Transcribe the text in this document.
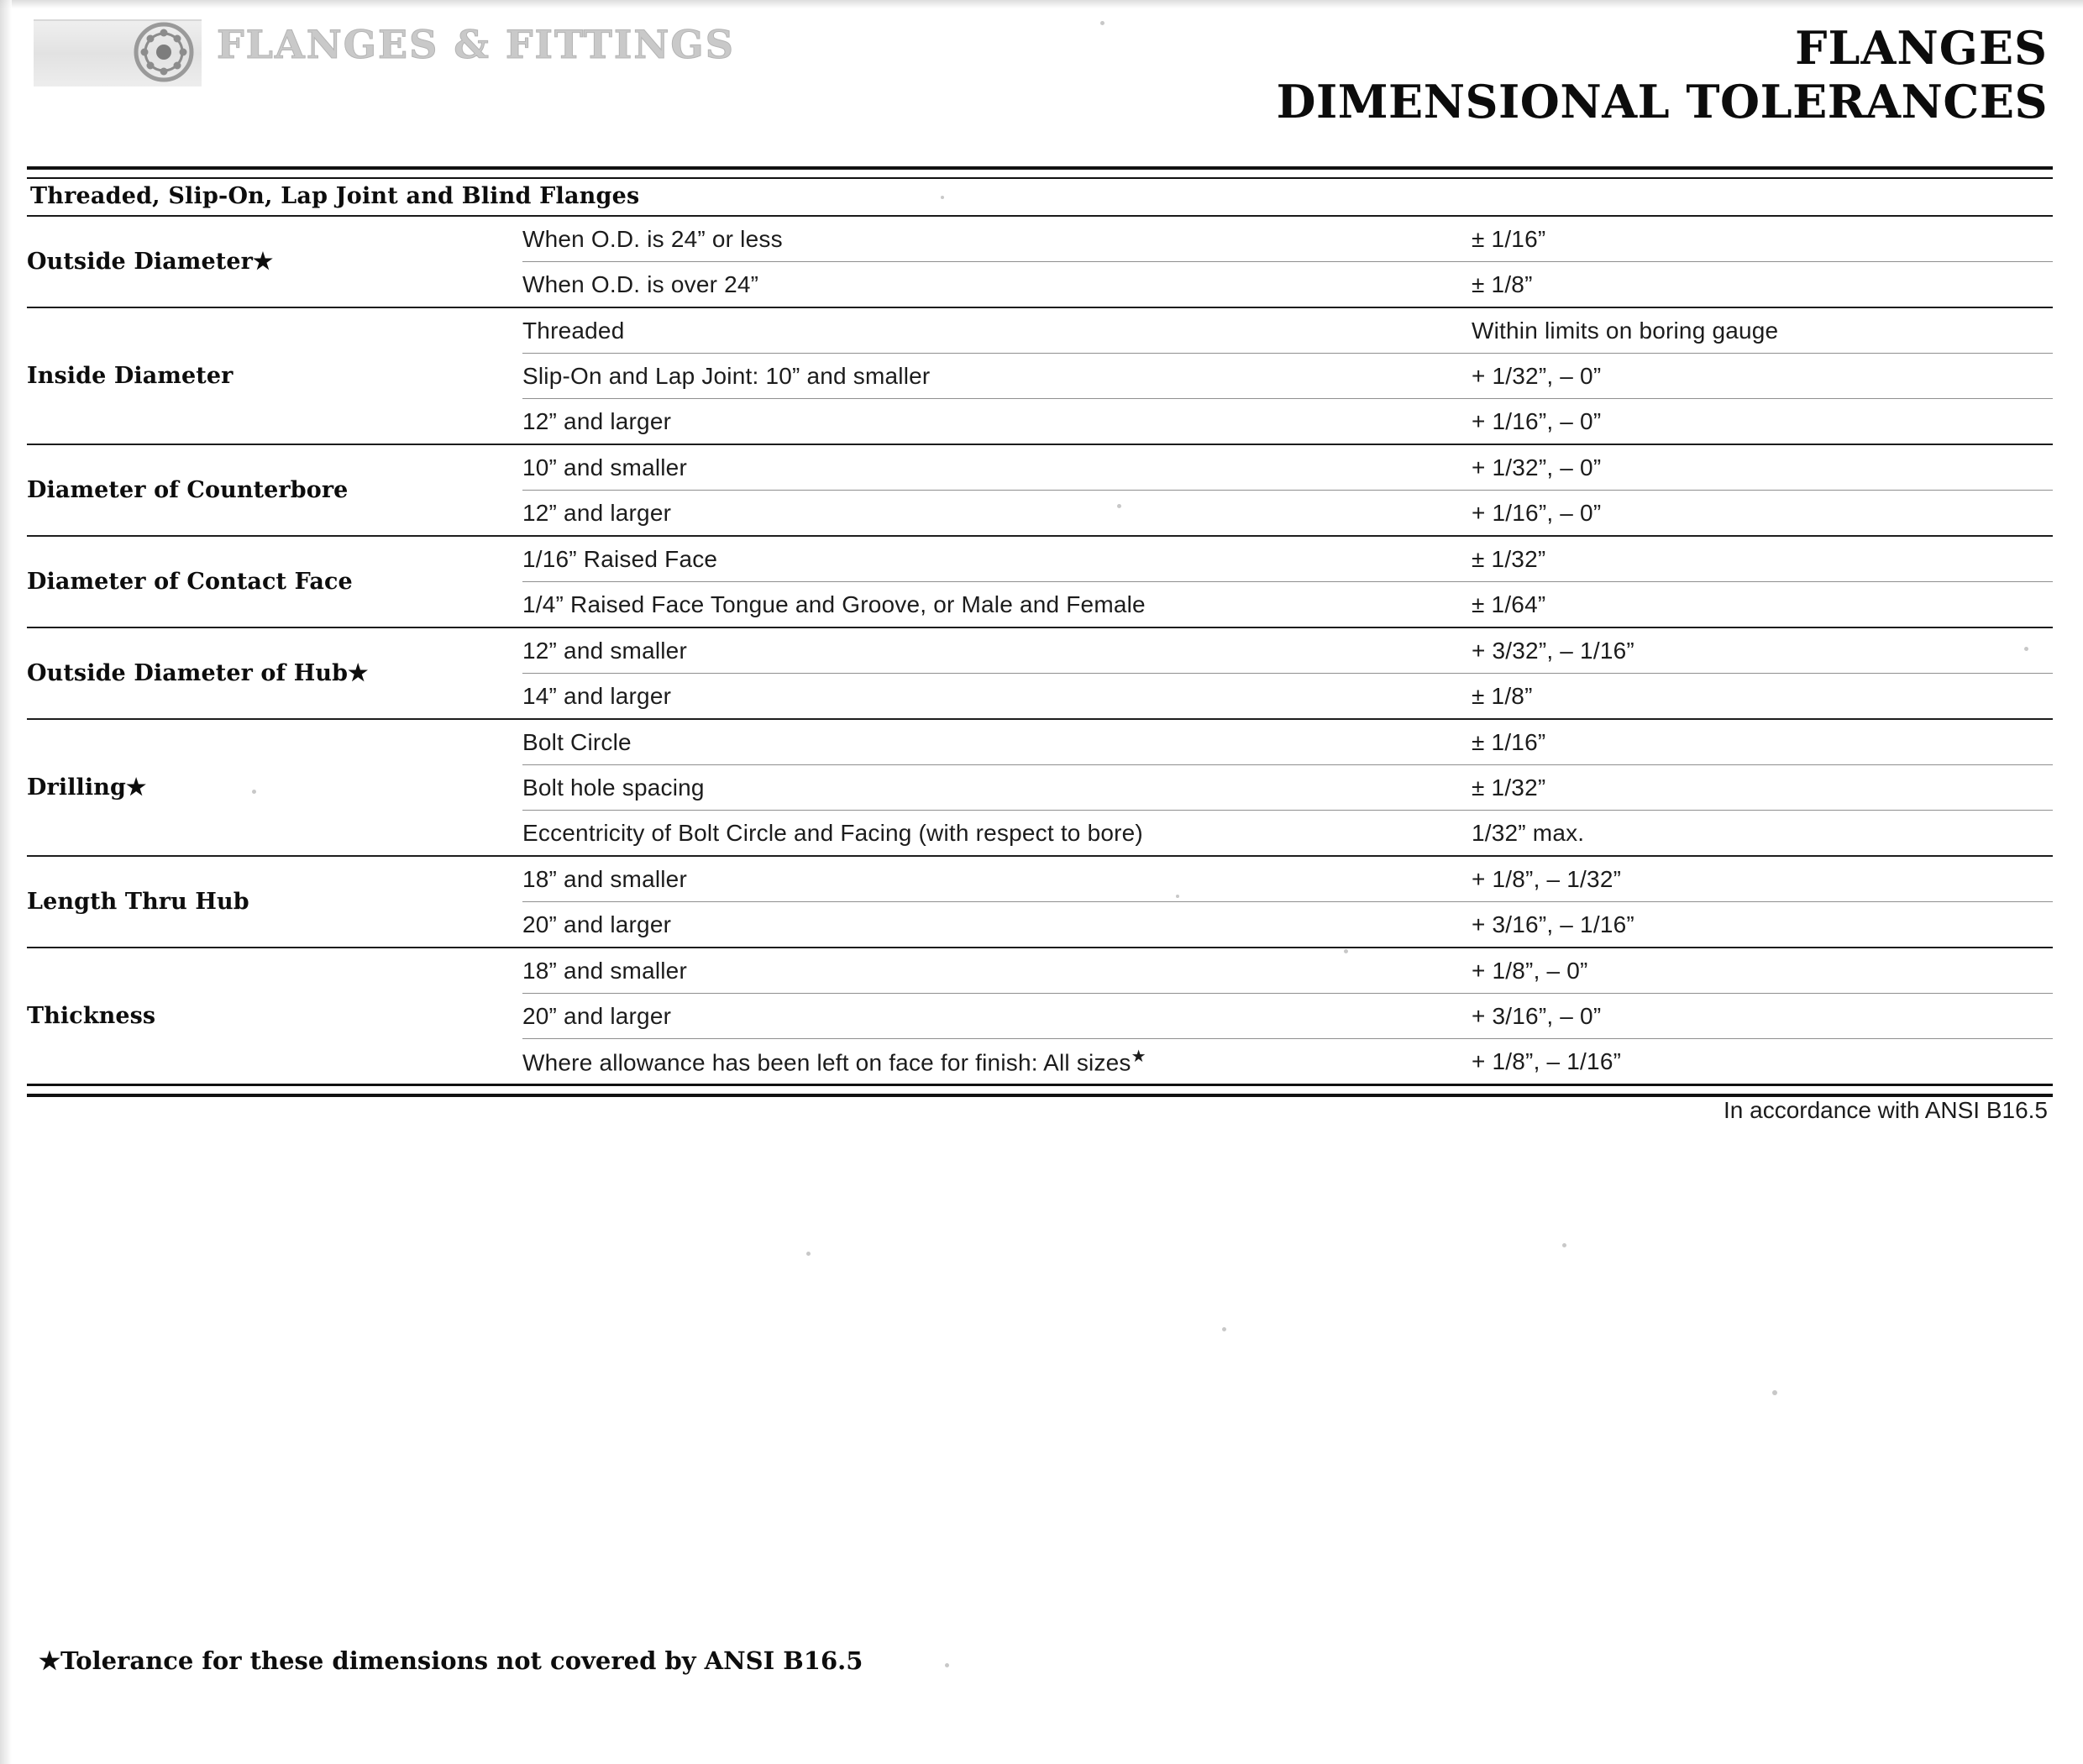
FLANGES & FITTINGS	FLANGES
DIMENSIONAL TOLERANCES
Threaded, Slip-On, Lap Joint and Blind Flanges
Outside Diameter★	When O.D. is 24” or less	± 1/16”
	When O.D. is over 24”	± 1/8”
Inside Diameter	Threaded	Within limits on boring gauge
	Slip-On and Lap Joint: 10” and smaller	+ 1/32”, – 0”
	12” and larger	+ 1/16”, – 0”
Diameter of Counterbore	10” and smaller	+ 1/32”, – 0”
	12” and larger	+ 1/16”, – 0”
Diameter of Contact Face	1/16” Raised Face	± 1/32”
	1/4” Raised Face Tongue and Groove, or Male and Female	± 1/64”
Outside Diameter of Hub★	12” and smaller	+ 3/32”, – 1/16”
	14” and larger	± 1/8”
Drilling★	Bolt Circle	± 1/16”
	Bolt hole spacing	± 1/32”
	Eccentricity of Bolt Circle and Facing (with respect to bore)	1/32” max.
Length Thru Hub	18” and smaller	+ 1/8”, – 1/32”
	20” and larger	+ 3/16”, – 1/16”
Thickness	18” and smaller	+ 1/8”, – 0”
	20” and larger	+ 3/16”, – 0”
	Where allowance has been left on face for finish: All sizes★	+ 1/8”, – 1/16”
In accordance with ANSI B16.5
★Tolerance for these dimensions not covered by ANSI B16.5
